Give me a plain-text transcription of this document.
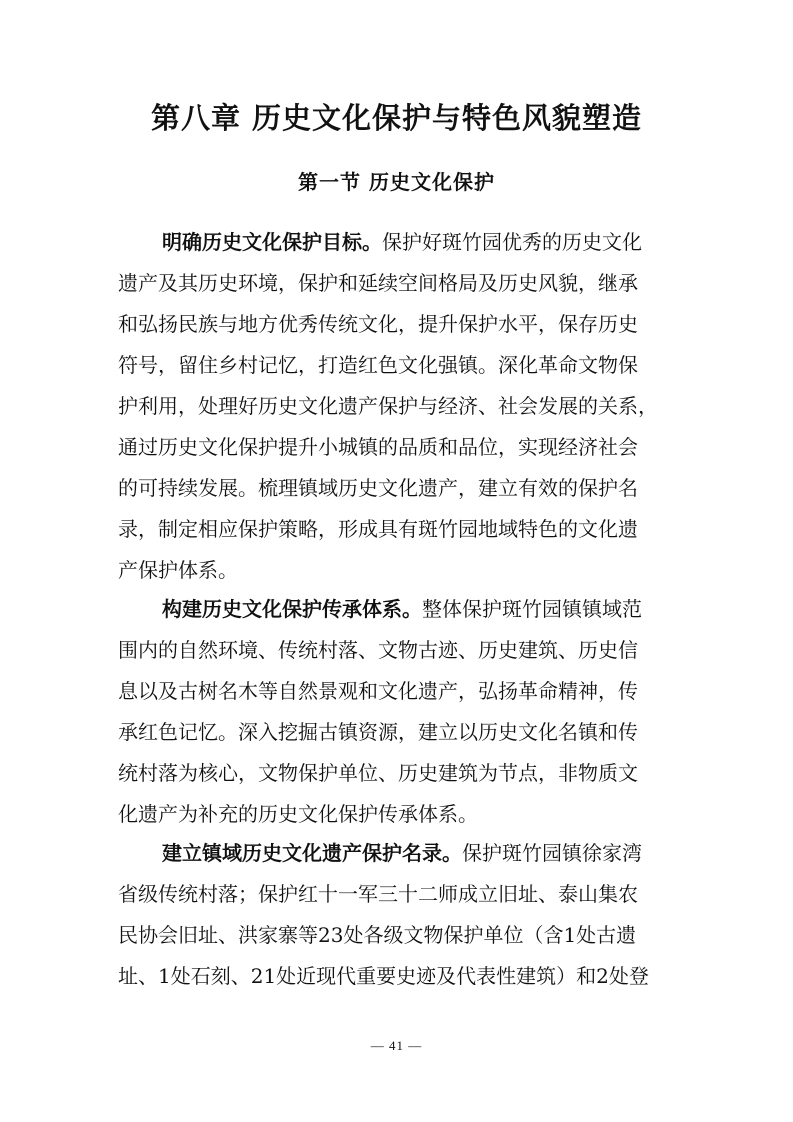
第八章 历史文化保护与特色风貌塑造
第一节 历史文化保护
明确历史文化保护目标。保护好斑竹园优秀的历史文化
遗产及其历史环境，保护和延续空间格局及历史风貌，继承
和弘扬民族与地方优秀传统文化，提升保护水平，保存历史
符号，留住乡村记忆，打造红色文化强镇。深化革命文物保
护利用，处理好历史文化遗产保护与经济、社会发展的关系，
通过历史文化保护提升小城镇的品质和品位，实现经济社会
的可持续发展。梳理镇域历史文化遗产，建立有效的保护名
录，制定相应保护策略，形成具有斑竹园地域特色的文化遗
产保护体系。
构建历史文化保护传承体系。整体保护斑竹园镇镇域范
围内的自然环境、传统村落、文物古迹、历史建筑、历史信
息以及古树名木等自然景观和文化遗产，弘扬革命精神，传
承红色记忆。深入挖掘古镇资源，建立以历史文化名镇和传
统村落为核心，文物保护单位、历史建筑为节点，非物质文
化遗产为补充的历史文化保护传承体系。
建立镇域历史文化遗产保护名录。保护斑竹园镇徐家湾
省级传统村落；保护红十一军三十二师成立旧址、泰山集农
民协会旧址、洪家寨等23处各级文物保护单位（含1处古遗
址、1处石刻、21处近现代重要史迹及代表性建筑）和2处登
— 41 —
